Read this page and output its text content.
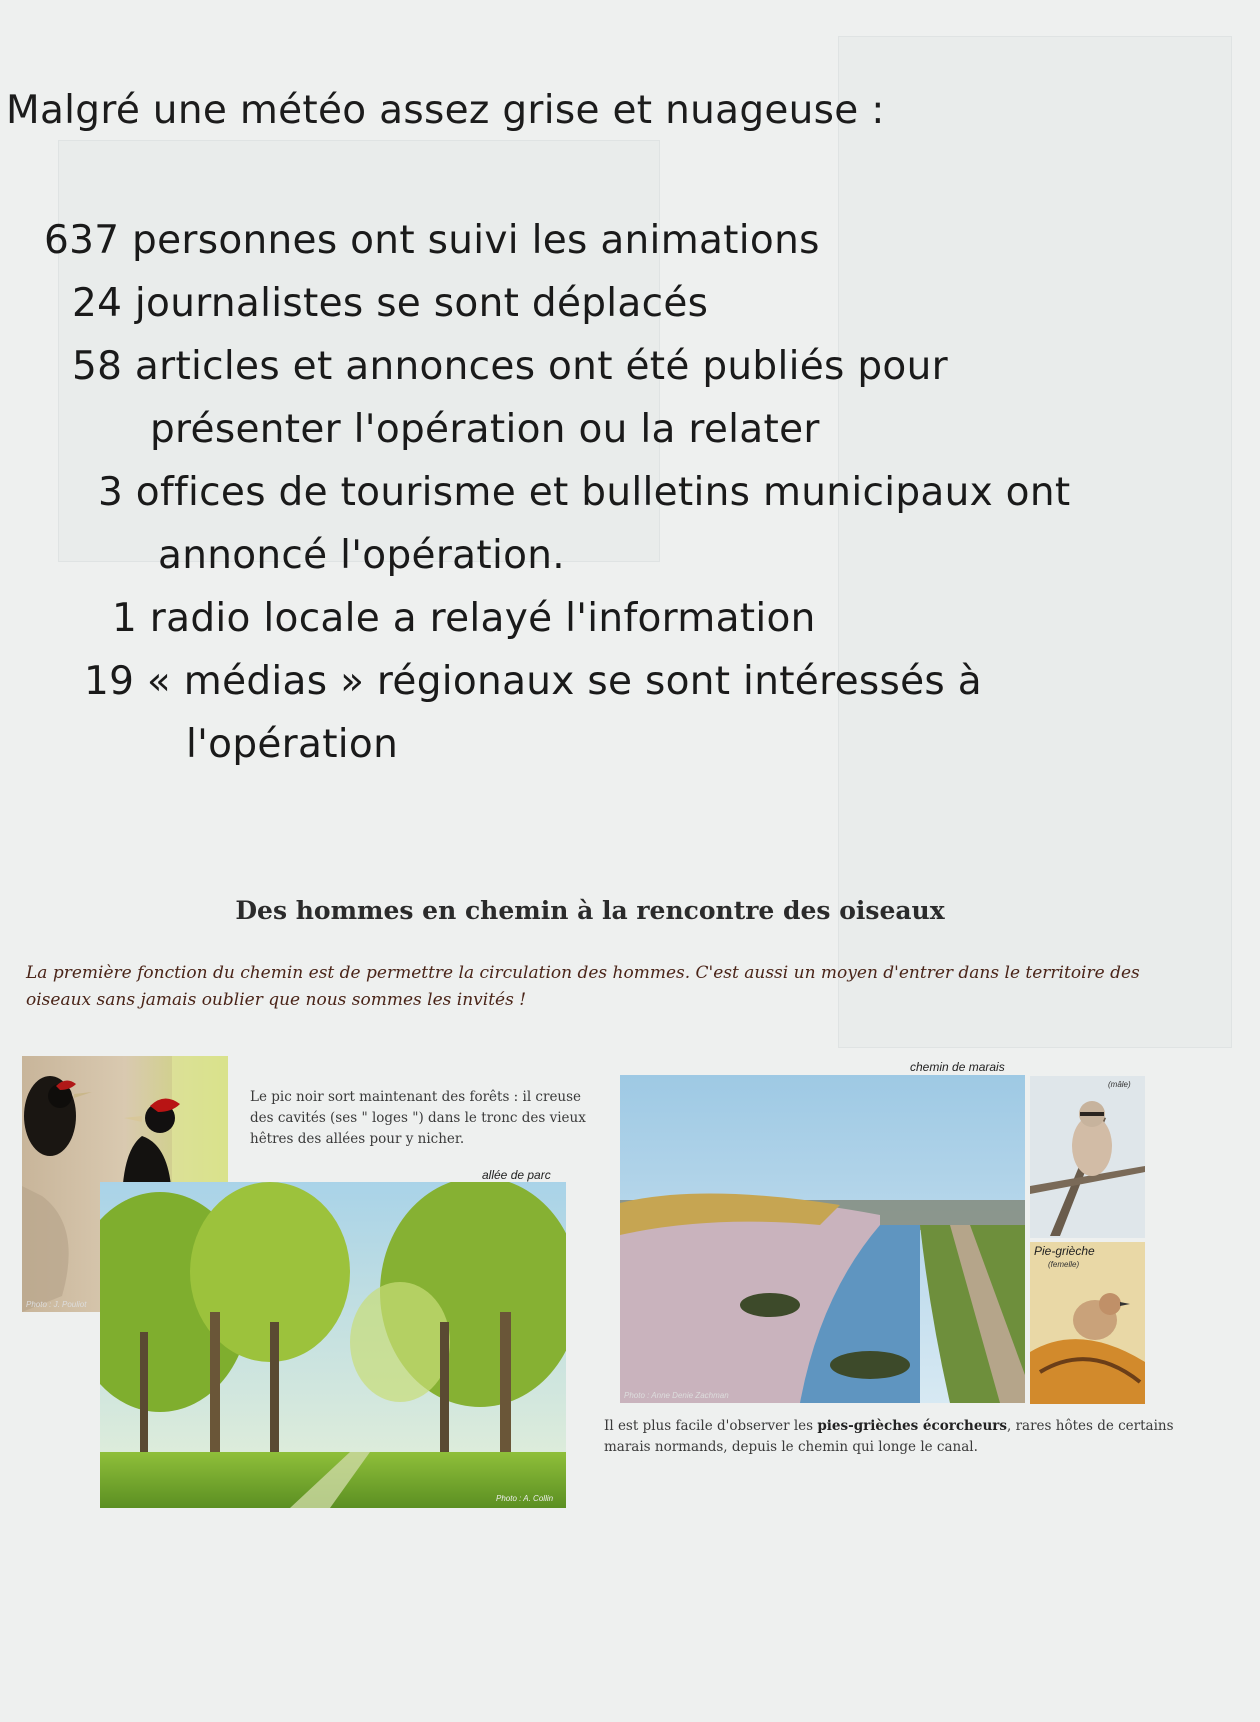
Malgré une météo assez grise et nuageuse :
637 personnes ont suivi les animations
24 journalistes se sont déplacés
58 articles et annonces ont été publiés pour
présenter l'opération ou la relater
3 offices de tourisme et bulletins municipaux ont
annoncé l'opération.
1 radio locale a relayé l'information
19 « médias » régionaux se sont intéressés à
l'opération
Des hommes en chemin à la rencontre des oiseaux
La première fonction du chemin est de permettre la circulation des hommes. C'est aussi un moyen d'entrer dans le territoire des oiseaux sans jamais oublier que nous sommes les invités !
Photo : J. Pouliot
Le pic noir sort maintenant des forêts : il creuse des cavités (ses " loges ") dans le tronc des vieux hêtres des allées pour y nicher.
allée de parc
Photo : A. Collin
chemin de marais
Photo : Anne Denie Zachman
(mâle)
Pie-grièche
(femelle)
Il est plus facile d'observer les pies-grièches écorcheurs, rares hôtes de certains marais normands, depuis le chemin qui longe le canal.
